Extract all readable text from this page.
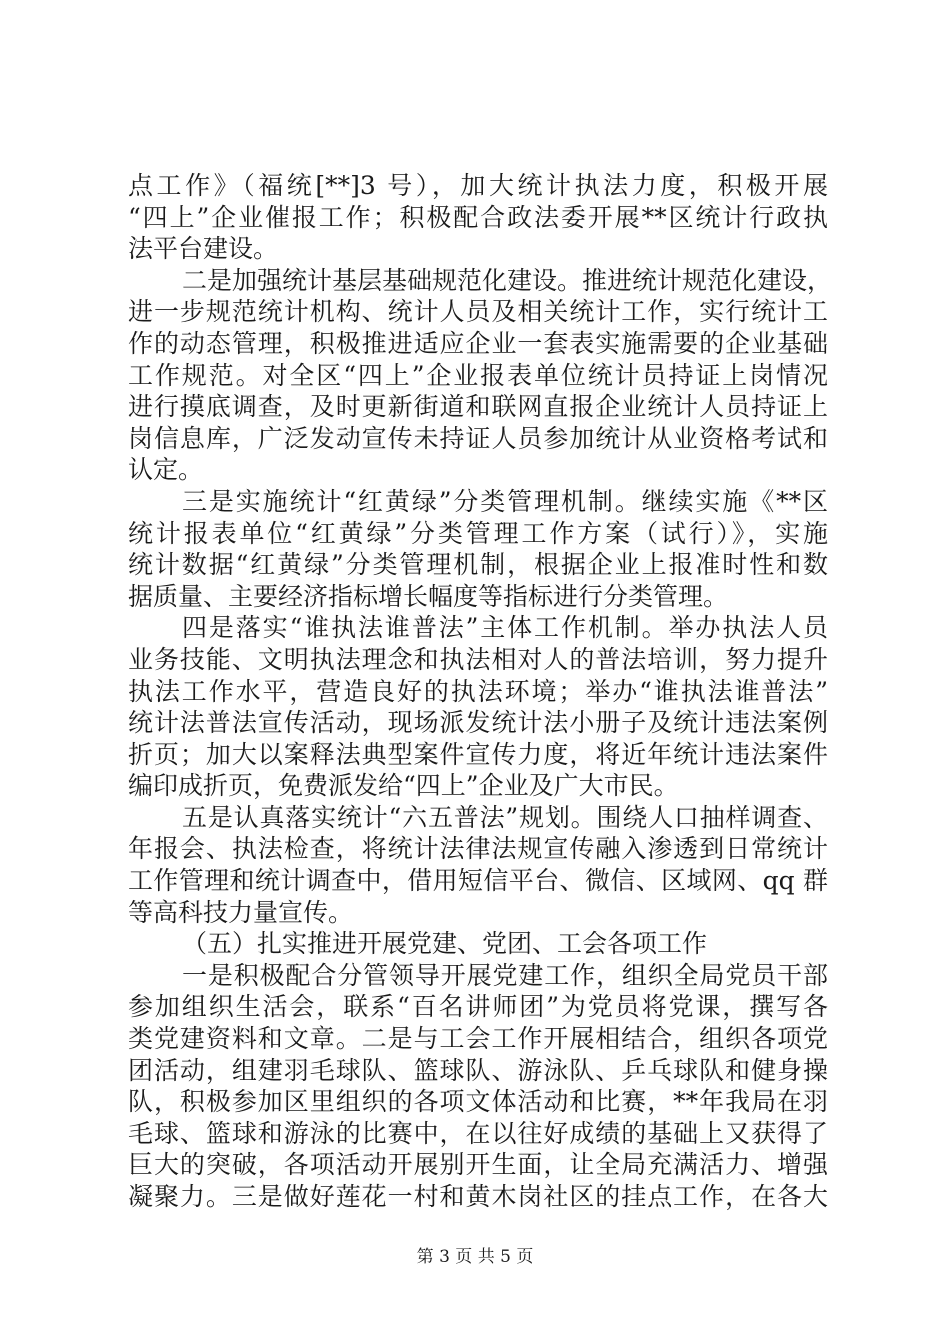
点工作》（福统[**]3 号），加大统计执法力度，积极开展
“四上”企业催报工作；积极配合政法委开展**区统计行政执
法平台建设。
二是加强统计基层基础规范化建设。推进统计规范化建设，
进一步规范统计机构、统计人员及相关统计工作，实行统计工
作的动态管理，积极推进适应企业一套表实施需要的企业基础
工作规范。对全区“四上”企业报表单位统计员持证上岗情况
进行摸底调查，及时更新街道和联网直报企业统计人员持证上
岗信息库，广泛发动宣传未持证人员参加统计从业资格考试和
认定。
三是实施统计“红黄绿”分类管理机制。继续实施《**区
统计报表单位“红黄绿”分类管理工作方案（试行）》，实施
统计数据“红黄绿”分类管理机制，根据企业上报准时性和数
据质量、主要经济指标增长幅度等指标进行分类管理。
四是落实“谁执法谁普法”主体工作机制。举办执法人员
业务技能、文明执法理念和执法相对人的普法培训，努力提升
执法工作水平，营造良好的执法环境；举办“谁执法谁普法”
统计法普法宣传活动，现场派发统计法小册子及统计违法案例
折页；加大以案释法典型案件宣传力度，将近年统计违法案件
编印成折页，免费派发给“四上”企业及广大市民。
五是认真落实统计“六五普法”规划。围绕人口抽样调查、
年报会、执法检查，将统计法律法规宣传融入渗透到日常统计
工作管理和统计调查中，借用短信平台、微信、区域网、qq 群
等高科技力量宣传。
（五）扎实推进开展党建、党团、工会各项工作
一是积极配合分管领导开展党建工作，组织全局党员干部
参加组织生活会，联系“百名讲师团”为党员将党课，撰写各
类党建资料和文章。二是与工会工作开展相结合，组织各项党
团活动，组建羽毛球队、篮球队、游泳队、乒乓球队和健身操
队，积极参加区里组织的各项文体活动和比赛，**年我局在羽
毛球、篮球和游泳的比赛中，在以往好成绩的基础上又获得了
巨大的突破，各项活动开展别开生面，让全局充满活力、增强
凝聚力。三是做好莲花一村和黄木岗社区的挂点工作，在各大
第 3 页 共 5 页
